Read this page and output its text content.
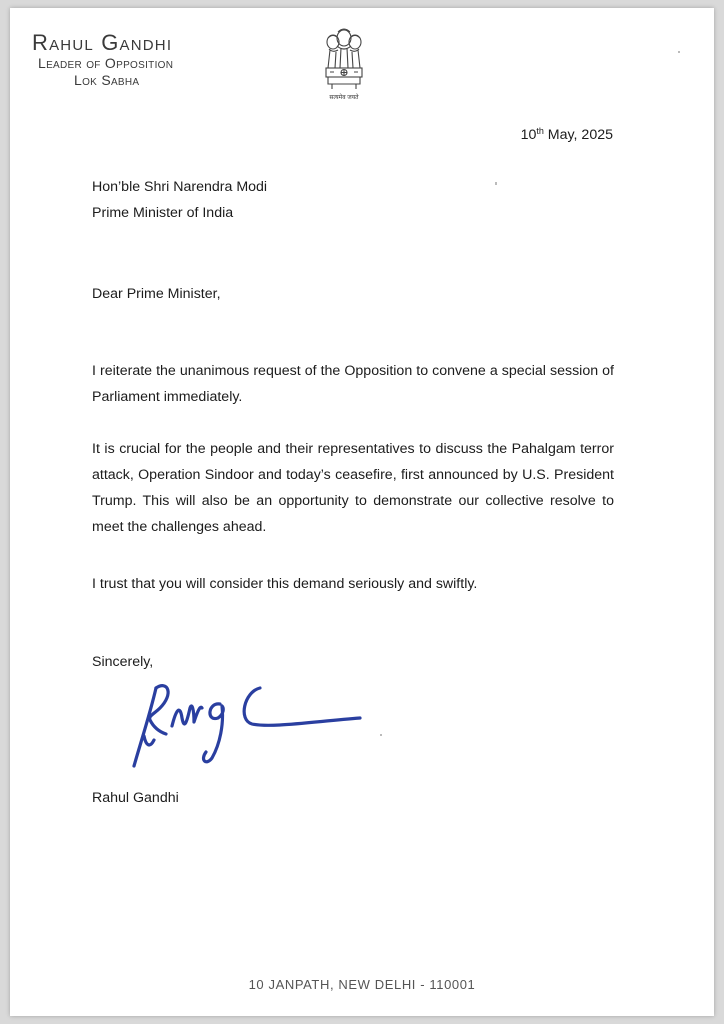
Rahul Gandhi
Leader of Opposition
Lok Sabha
सत्यमेव जयते
10th May, 2025
Hon’ble Shri Narendra Modi
Prime Minister of India
Dear Prime Minister,
I reiterate the unanimous request of the Opposition to convene a special session of Parliament immediately.
It is crucial for the people and their representatives to discuss the Pahalgam terror attack, Operation Sindoor and today’s ceasefire, first announced by U.S. President Trump. This will also be an opportunity to demonstrate our collective resolve to meet the challenges ahead.
I trust that you will consider this demand seriously and swiftly.
Sincerely,
Rahul Gandhi
10 JANPATH, NEW DELHI - 110001
